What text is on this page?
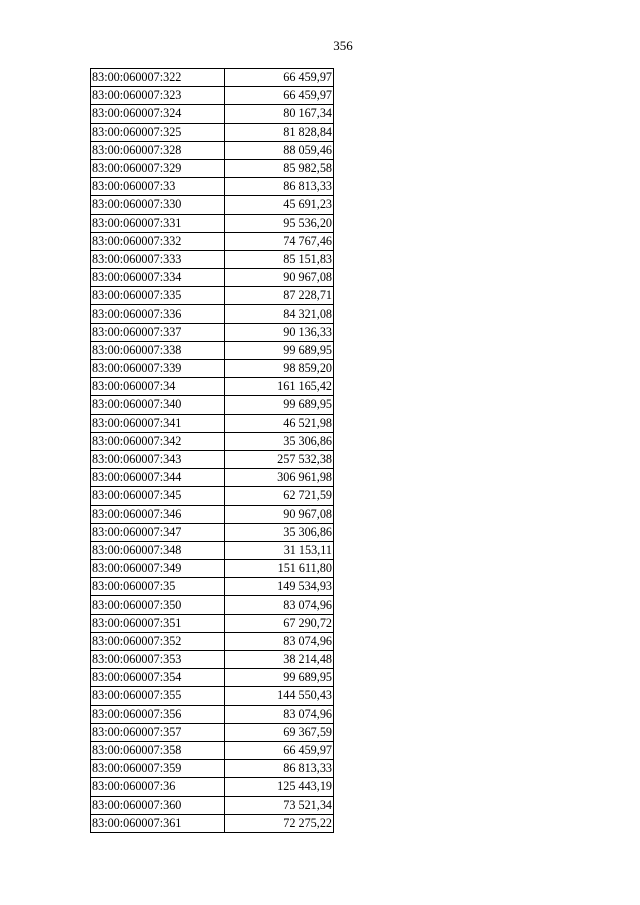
356
83:00:060007:322	66 459,97
83:00:060007:323	66 459,97
83:00:060007:324	80 167,34
83:00:060007:325	81 828,84
83:00:060007:328	88 059,46
83:00:060007:329	85 982,58
83:00:060007:33	86 813,33
83:00:060007:330	45 691,23
83:00:060007:331	95 536,20
83:00:060007:332	74 767,46
83:00:060007:333	85 151,83
83:00:060007:334	90 967,08
83:00:060007:335	87 228,71
83:00:060007:336	84 321,08
83:00:060007:337	90 136,33
83:00:060007:338	99 689,95
83:00:060007:339	98 859,20
83:00:060007:34	161 165,42
83:00:060007:340	99 689,95
83:00:060007:341	46 521,98
83:00:060007:342	35 306,86
83:00:060007:343	257 532,38
83:00:060007:344	306 961,98
83:00:060007:345	62 721,59
83:00:060007:346	90 967,08
83:00:060007:347	35 306,86
83:00:060007:348	31 153,11
83:00:060007:349	151 611,80
83:00:060007:35	149 534,93
83:00:060007:350	83 074,96
83:00:060007:351	67 290,72
83:00:060007:352	83 074,96
83:00:060007:353	38 214,48
83:00:060007:354	99 689,95
83:00:060007:355	144 550,43
83:00:060007:356	83 074,96
83:00:060007:357	69 367,59
83:00:060007:358	66 459,97
83:00:060007:359	86 813,33
83:00:060007:36	125 443,19
83:00:060007:360	73 521,34
83:00:060007:361	72 275,22
